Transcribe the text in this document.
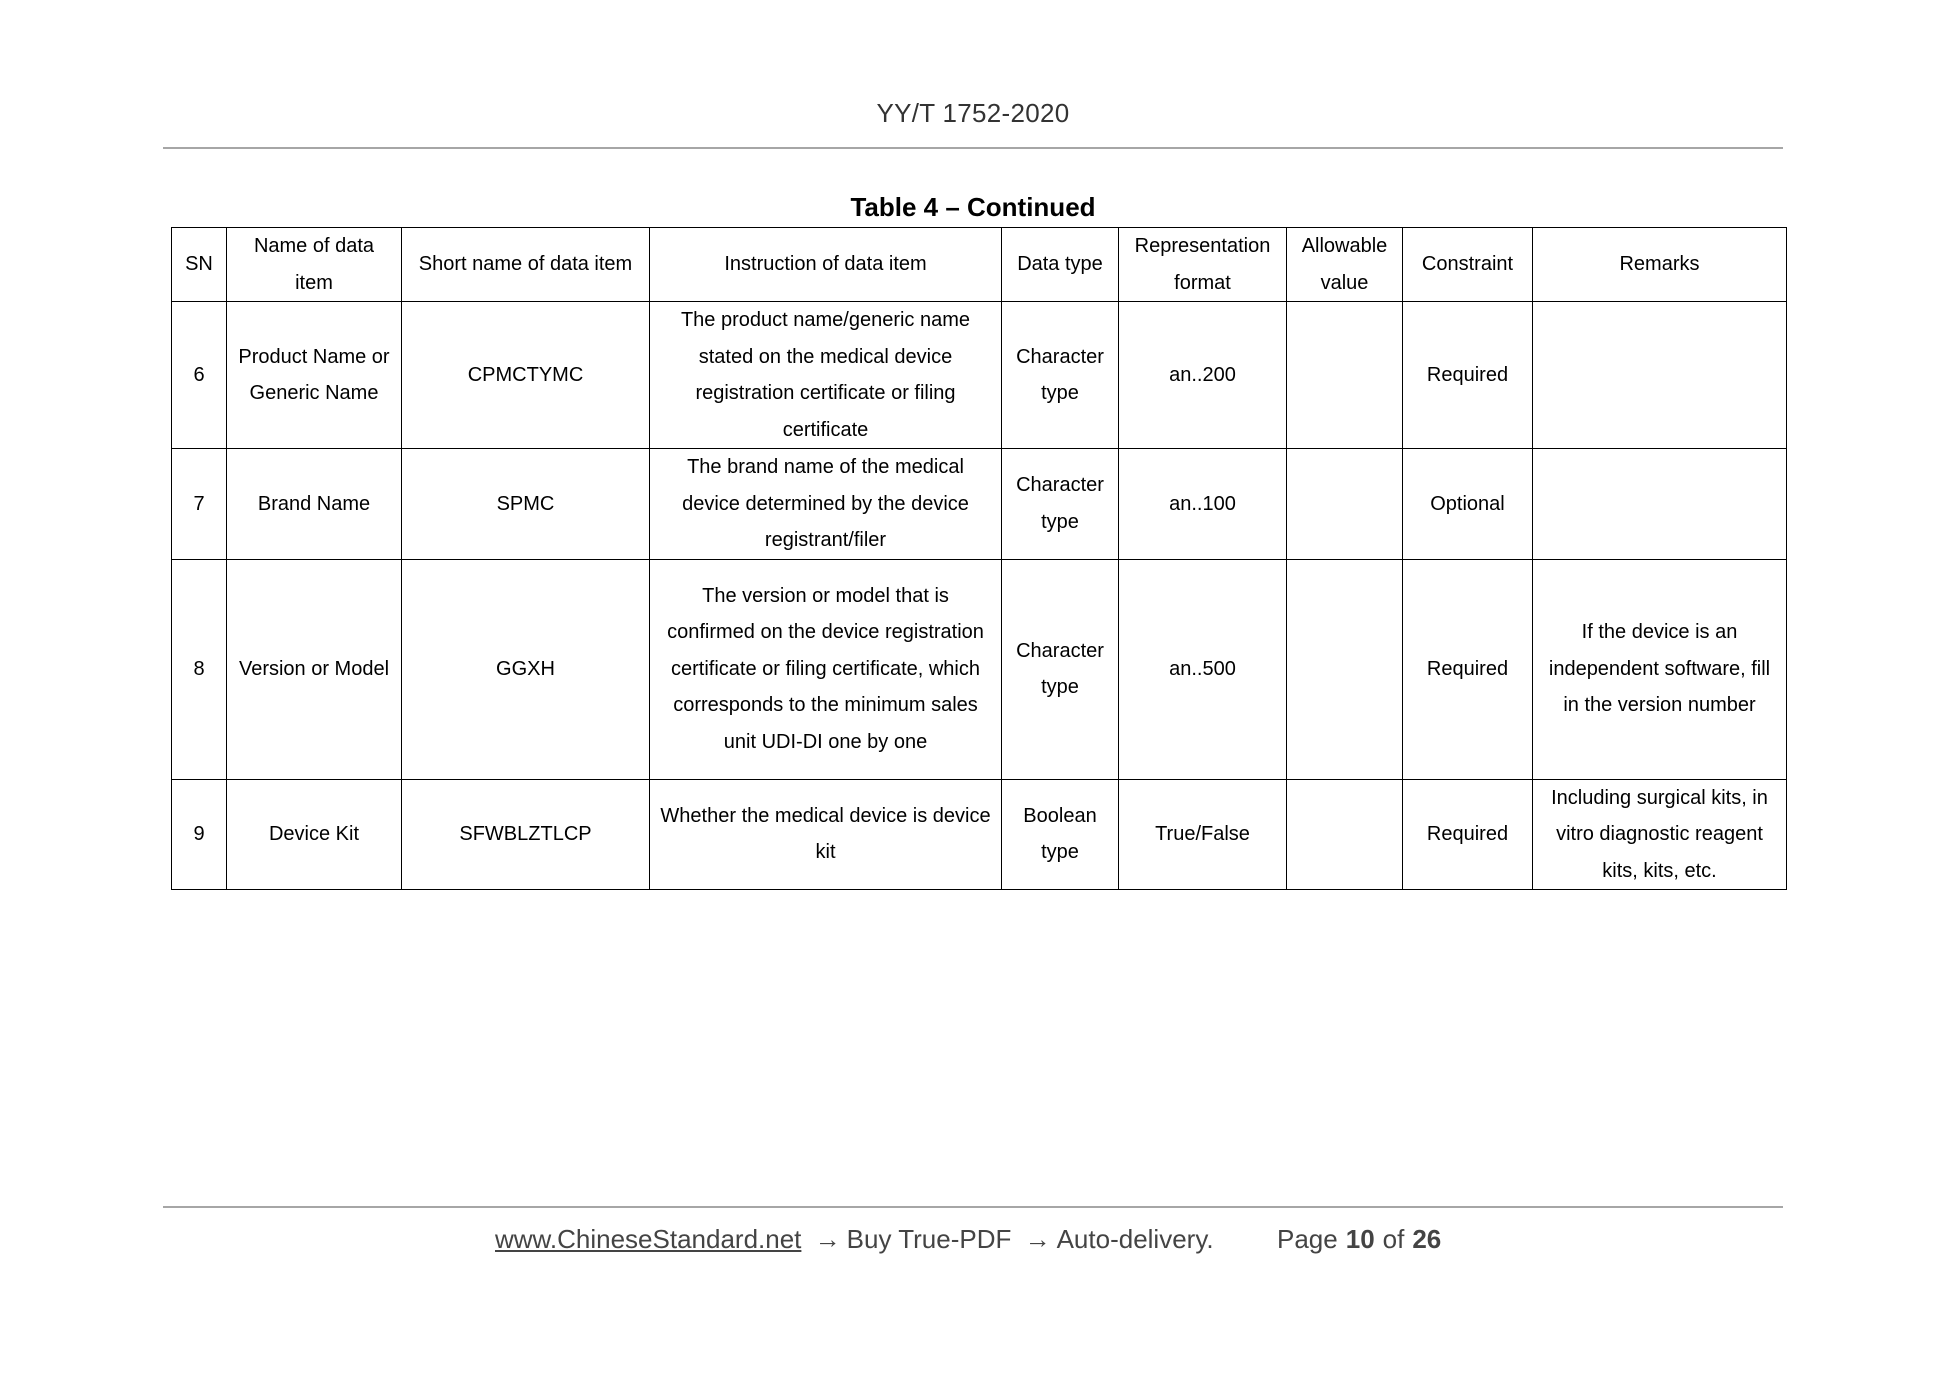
YY/T 1752-2020
Table 4 – Continued
SN	Name of data item	Short name of data item	Instruction of data item	Data type	Representation format	Allowable value	Constraint	Remarks
6	Product Name or Generic Name	CPMCTYMC	The product name/generic name stated on the medical device registration certificate or filing certificate	Character type	an..200		Required	
7	Brand Name	SPMC	The brand name of the medical device determined by the device registrant/filer	Character type	an..100		Optional	
8	Version or Model	GGXH	The version or model that is confirmed on the device registration certificate or filing certificate, which corresponds to the minimum sales unit UDI-DI one by one	Character type	an..500		Required	If the device is an independent software, fill in the version number
9	Device Kit	SFWBLZTLCP	Whether the medical device is device kit	Boolean type	True/False		Required	Including surgical kits, in vitro diagnostic reagent kits, kits, etc.
www.ChineseStandard.net → Buy True-PDF → Auto-delivery. Page 10 of 26
